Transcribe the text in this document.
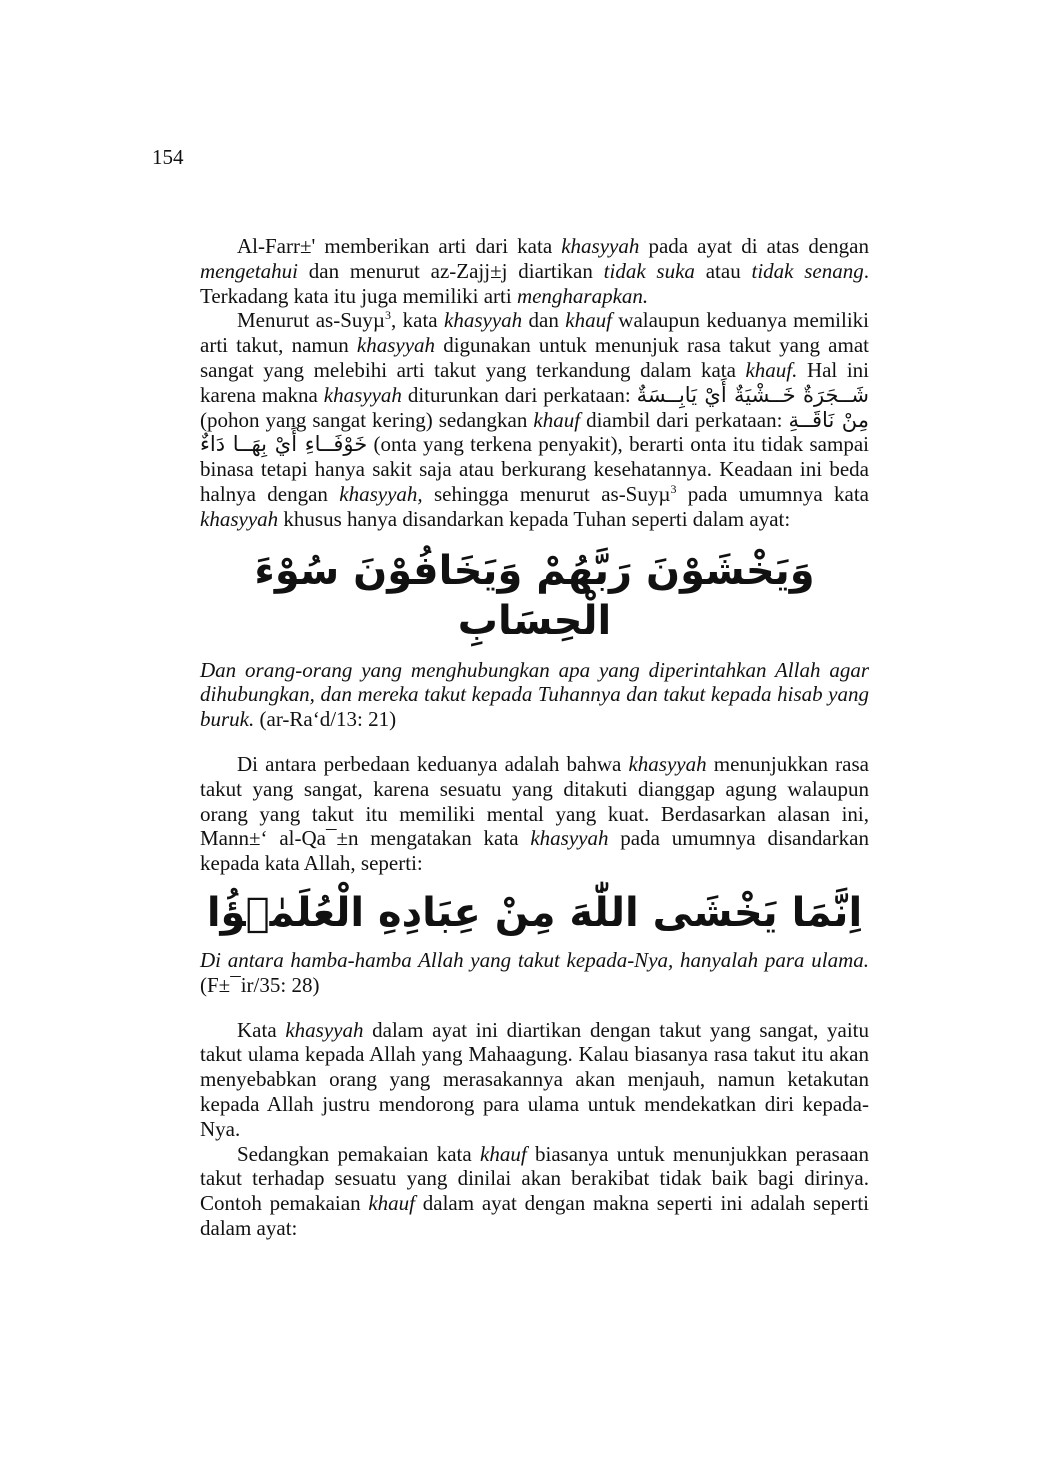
154

Al-Farr±' memberikan arti dari kata khasyyah pada ayat di atas dengan mengetahui dan menurut az-Zajj±j diartikan tidak suka atau tidak senang. Terkadang kata itu juga memiliki arti mengharapkan.

Menurut as-Suyµ$^3$, kata khasyyah dan khauf walaupun keduanya memiliki arti takut, namun khasyyah digunakan untuk menunjuk rasa takut yang amat sangat yang melebihi arti takut yang terkandung dalam kata khauf. Hal ini karena makna khasyyah diturunkan dari perkataan: شَــجَرَةٌ خَــشْيَةٌ أَيْ يَابِــسَةٌ (pohon yang sangat kering) sedangkan khauf diambil dari perkataan: مِنْ نَاقَــةِ خَوْفَــاءِ أَيْ بِهَــا دَاءٌ (onta yang terkena penyakit), berarti onta itu tidak sampai binasa tetapi hanya sakit saja atau berkurang kesehatannya. Keadaan ini beda halnya dengan khasyyah, sehingga menurut as-Suyµ$^3$ pada umumnya kata khasyyah khusus hanya disandarkan kepada Tuhan seperti dalam ayat:

وَيَخْشَوْنَ رَبَّهُمْ وَيَخَافُوْنَ سُوْءَ الْحِسَابِ

Dan orang-orang yang menghubungkan apa yang diperintahkan Allah agar dihubungkan, dan mereka takut kepada Tuhannya dan takut kepada hisab yang buruk. (ar-Ra‘d/13: 21)

Di antara perbedaan keduanya adalah bahwa khasyyah menunjukkan rasa takut yang sangat, karena sesuatu yang ditakuti dianggap agung walaupun orang yang takut itu memiliki mental yang kuat. Berdasarkan alasan ini, Mann±‘ al-Qa¯±n mengatakan kata khasyyah pada umumnya disandarkan kepada kata Allah, seperti:

اِنَّمَا يَخْشَى اللّٰهَ مِنْ عِبَادِهِ الْعُلَمٰۤؤُا

Di antara hamba-hamba Allah yang takut kepada-Nya, hanyalah para ulama. (F±¯ir/35: 28)

Kata khasyyah dalam ayat ini diartikan dengan takut yang sangat, yaitu takut ulama kepada Allah yang Mahaagung. Kalau biasanya rasa takut itu akan menyebabkan orang yang merasakannya akan menjauh, namun ketakutan kepada Allah justru mendorong para ulama untuk mendekatkan diri kepada-Nya.

Sedangkan pemakaian kata khauf biasanya untuk menunjukkan perasaan takut terhadap sesuatu yang dinilai akan berakibat tidak baik bagi dirinya. Contoh pemakaian khauf dalam ayat dengan makna seperti ini adalah seperti dalam ayat:
